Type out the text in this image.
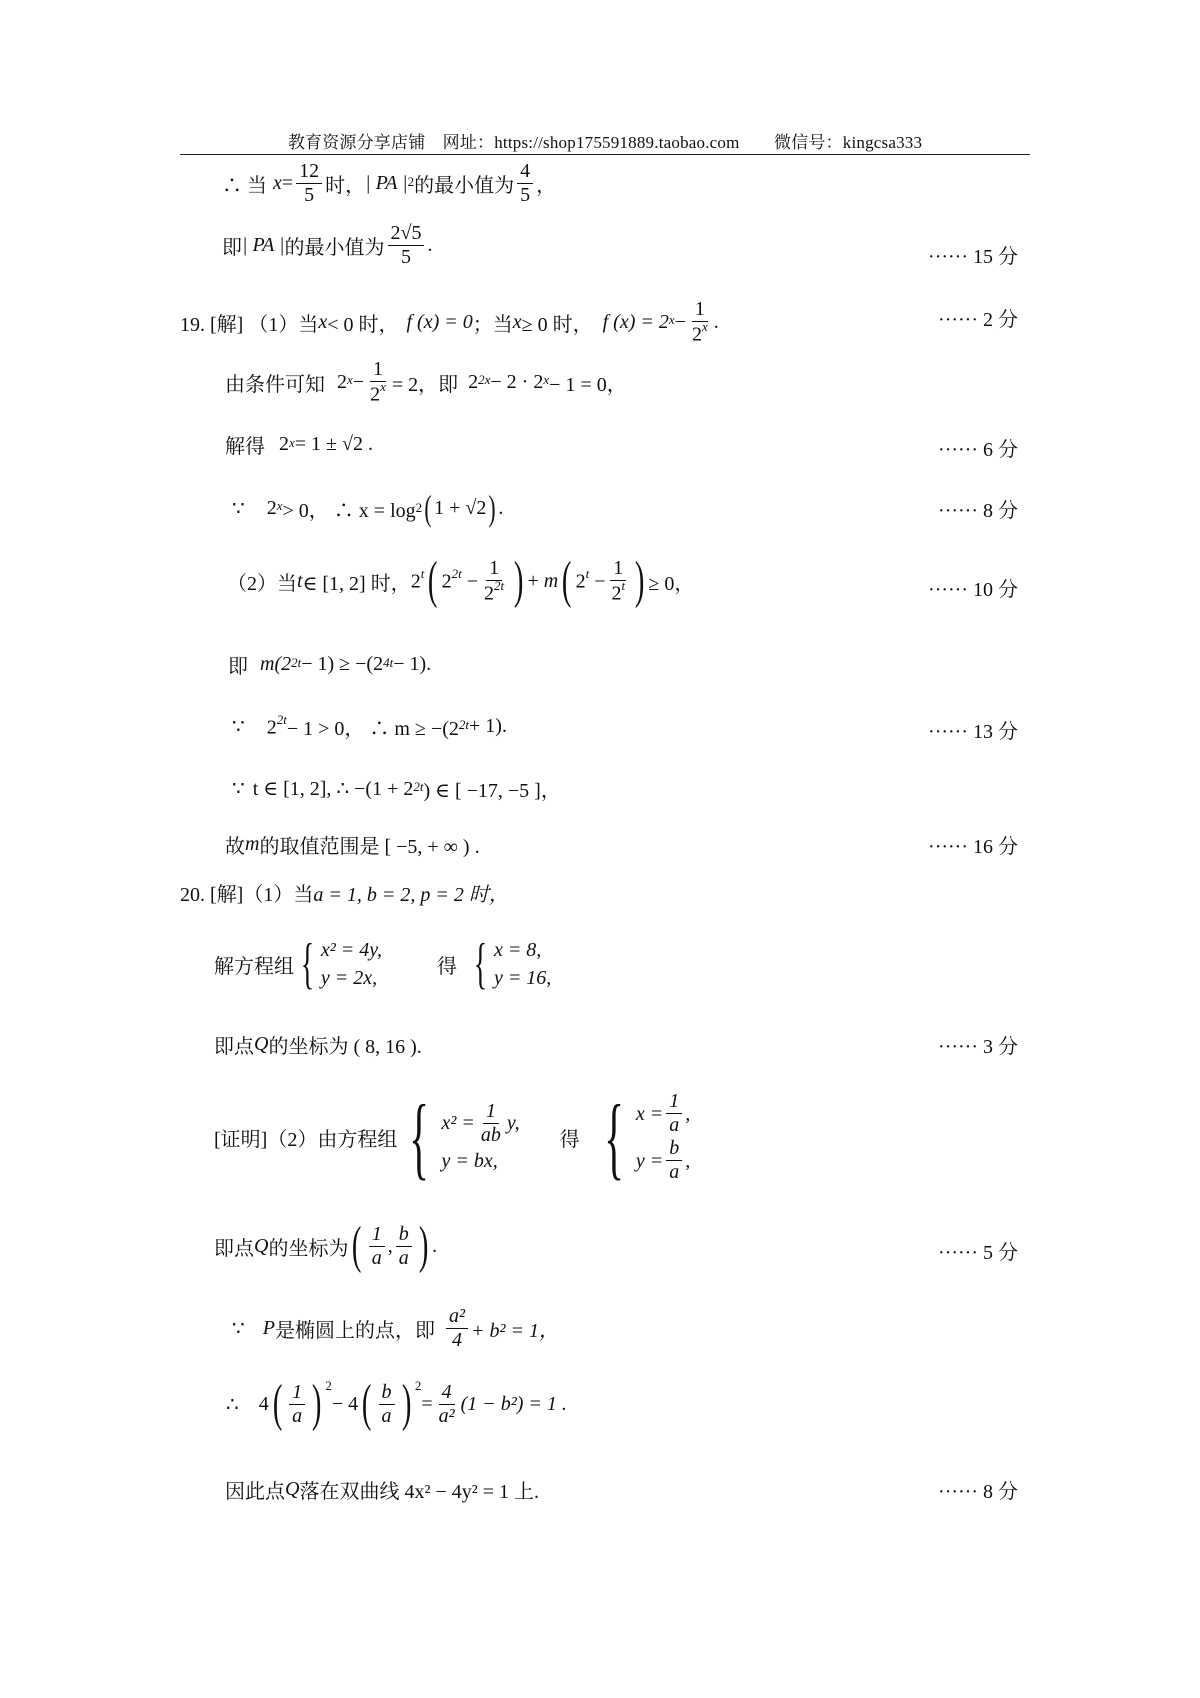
教育资源分享店铺　网址：https://shop175591889.taobao.com　　微信号：kingcsa333
∴ 当 $x = \frac{12}{5}$ 时， | PA | 2 的最小值为 $\frac{4}{5}$ ，
即 | PA | 的最小值为 $\frac{2√5}{5}$ .
······ 15 分
19. [解] （1）当 x < 0 时， f (x) = 0 ；当 x ≥ 0 时， f (x) = 2 $x - \frac{1}{2^x}$ .	······ 2 分
由条件可知 2 $x - \frac{1}{2^x} = 2$，即 2 2x − 2 · 2 x − 1 = 0，
解得 2 x = 1 ± √2 .	······ 6 分
∵ 2 x > 0， ∴ x = log 2 ( 1 + √2 ) .	······ 8 分
（2）当 t ∈ [1, 2] 时， 2$^t$ ( $2^{2t} - \frac{1}{2^{2t}}$ ) + m ( $2^t - \frac{1}{2^t}$ ) ≥ 0，	······ 10 分
即 m(2 2t − 1) ≥ −(2 4t − 1).
∵ $2^{2t} - 1 > 0$， ∴ m ≥ −(2 2t + 1).	······ 13 分
∵ t ∈ [1, 2], ∴ −(1 + 2 2t ) ∈ [ −17, −5 ]，
故 m 的取值范围是 [ −5, + ∞ ) .	······ 16 分
20. [解]（1）当 a = 1, b = 2, p = 2 时，
解方程组 { x² = 4y,
y = 2x,
得 { x = 8,
y = 16,
即点 Q 的坐标为 ( 8, 16 ).	······ 3 分
[证明]（2）由方程组 { $x^2 = \frac{1}{ab} y$,
y = bx,
得 { $x = \frac{1}{a}$ ,
$y = \frac{b}{a}$ ,
即点 Q 的坐标为 ( $\frac{1}{a}$ , $\frac{b}{a}$ ) .	······ 5 分
∵ P 是椭圆上的点，即 $\frac{\text{a²}}{4} + b^2 = 1$，
∴ 4 ( $\frac{1}{a}$ ) 2
− 4 ( $\frac{b}{a}$ ) 2
= $\frac{4}{\text{a²}} (1 - b^2) = 1$ .
因此点 Q 落在双曲线 4x² − 4y² = 1 上.	······ 8 分
